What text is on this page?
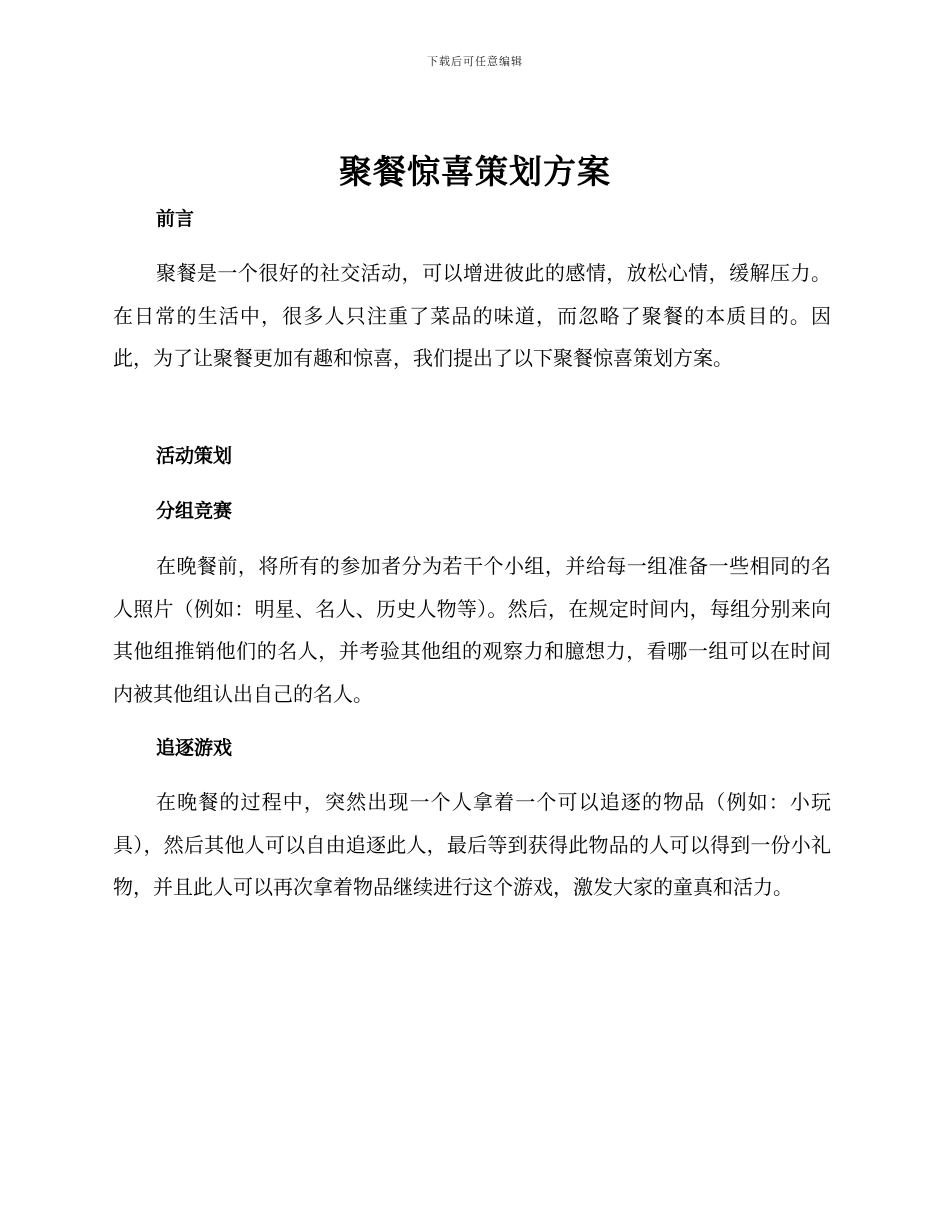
下载后可任意编辑
聚餐惊喜策划方案
前言

聚餐是一个很好的社交活动，可以增进彼此的感情，放松心情，缓解压力。在日常的生活中，很多人只注重了菜品的味道，而忽略了聚餐的本质目的。因此，为了让聚餐更加有趣和惊喜，我们提出了以下聚餐惊喜策划方案。

活动策划
分组竞赛

在晚餐前，将所有的参加者分为若干个小组，并给每一组准备一些相同的名人照片（例如：明星、名人、历史人物等）。然后，在规定时间内，每组分别来向其他组推销他们的名人，并考验其他组的观察力和臆想力，看哪一组可以在时间内被其他组认出自己的名人。

追逐游戏

在晚餐的过程中，突然出现一个人拿着一个可以追逐的物品（例如：小玩具），然后其他人可以自由追逐此人，最后等到获得此物品的人可以得到一份小礼物，并且此人可以再次拿着物品继续进行这个游戏，激发大家的童真和活力。
